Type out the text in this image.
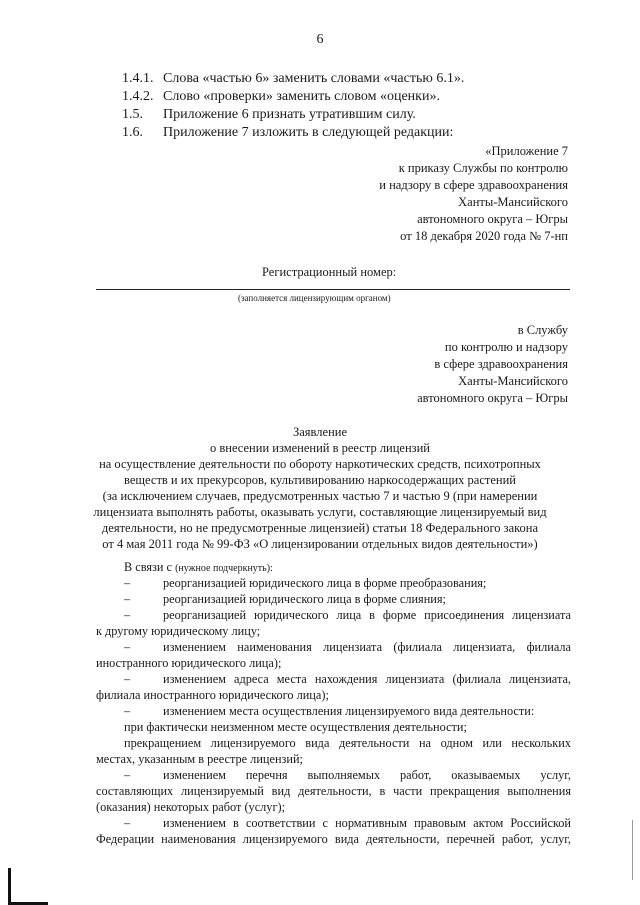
6
1.4.1. Слова «частью 6» заменить словами «частью 6.1».
1.4.2. Слово «проверки» заменить словом «оценки».
1.5. Приложение 6 признать утратившим силу.
1.6. Приложение 7 изложить в следующей редакции:
«Приложение 7
к приказу Службы по контролю
и надзору в сфере здравоохранения
Ханты-Мансийского
автономного округа – Югры
от 18 декабря 2020 года № 7-нп
Регистрационный номер:
(заполняется лицензирующим органом)
в Службу
по контролю и надзору
в сфере здравоохранения
Ханты-Мансийского
автономного округа – Югры
Заявление
о внесении изменений в реестр лицензий
на осуществление деятельности по обороту наркотических средств, психотропных
веществ и их прекурсоров, культивированию наркосодержащих растений
(за исключением случаев, предусмотренных частью 7 и частью 9 (при намерении
лицензиата выполнять работы, оказывать услуги, составляющие лицензируемый вид
деятельности, но не предусмотренные лицензией) статьи 18 Федерального закона
от 4 мая 2011 года № 99-ФЗ «О лицензировании отдельных видов деятельности»)
В связи с (нужное подчеркнуть):
–	реорганизацией юридического лица в форме преобразования;
–	реорганизацией юридического лица в форме слияния;
–	реорганизацией юридического лица в форме присоединения лицензиата
к другому юридическому лицу;
–	изменением наименования лицензиата (филиала лицензиата, филиала
иностранного юридического лица);
–	изменением адреса места нахождения лицензиата (филиала лицензиата,
филиала иностранного юридического лица);
–	изменением места осуществления лицензируемого вида деятельности:
при фактически неизменном месте осуществления деятельности;
прекращением лицензируемого вида деятельности на одном или нескольких
местах, указанным в реестре лицензий;
–	изменением перечня выполняемых работ, оказываемых услуг,
составляющих лицензируемый вид деятельности, в части прекращения выполнения
(оказания) некоторых работ (услуг);
–	изменением в соответствии с нормативным правовым актом Российской
Федерации наименования лицензируемого вида деятельности, перечней работ, услуг,
